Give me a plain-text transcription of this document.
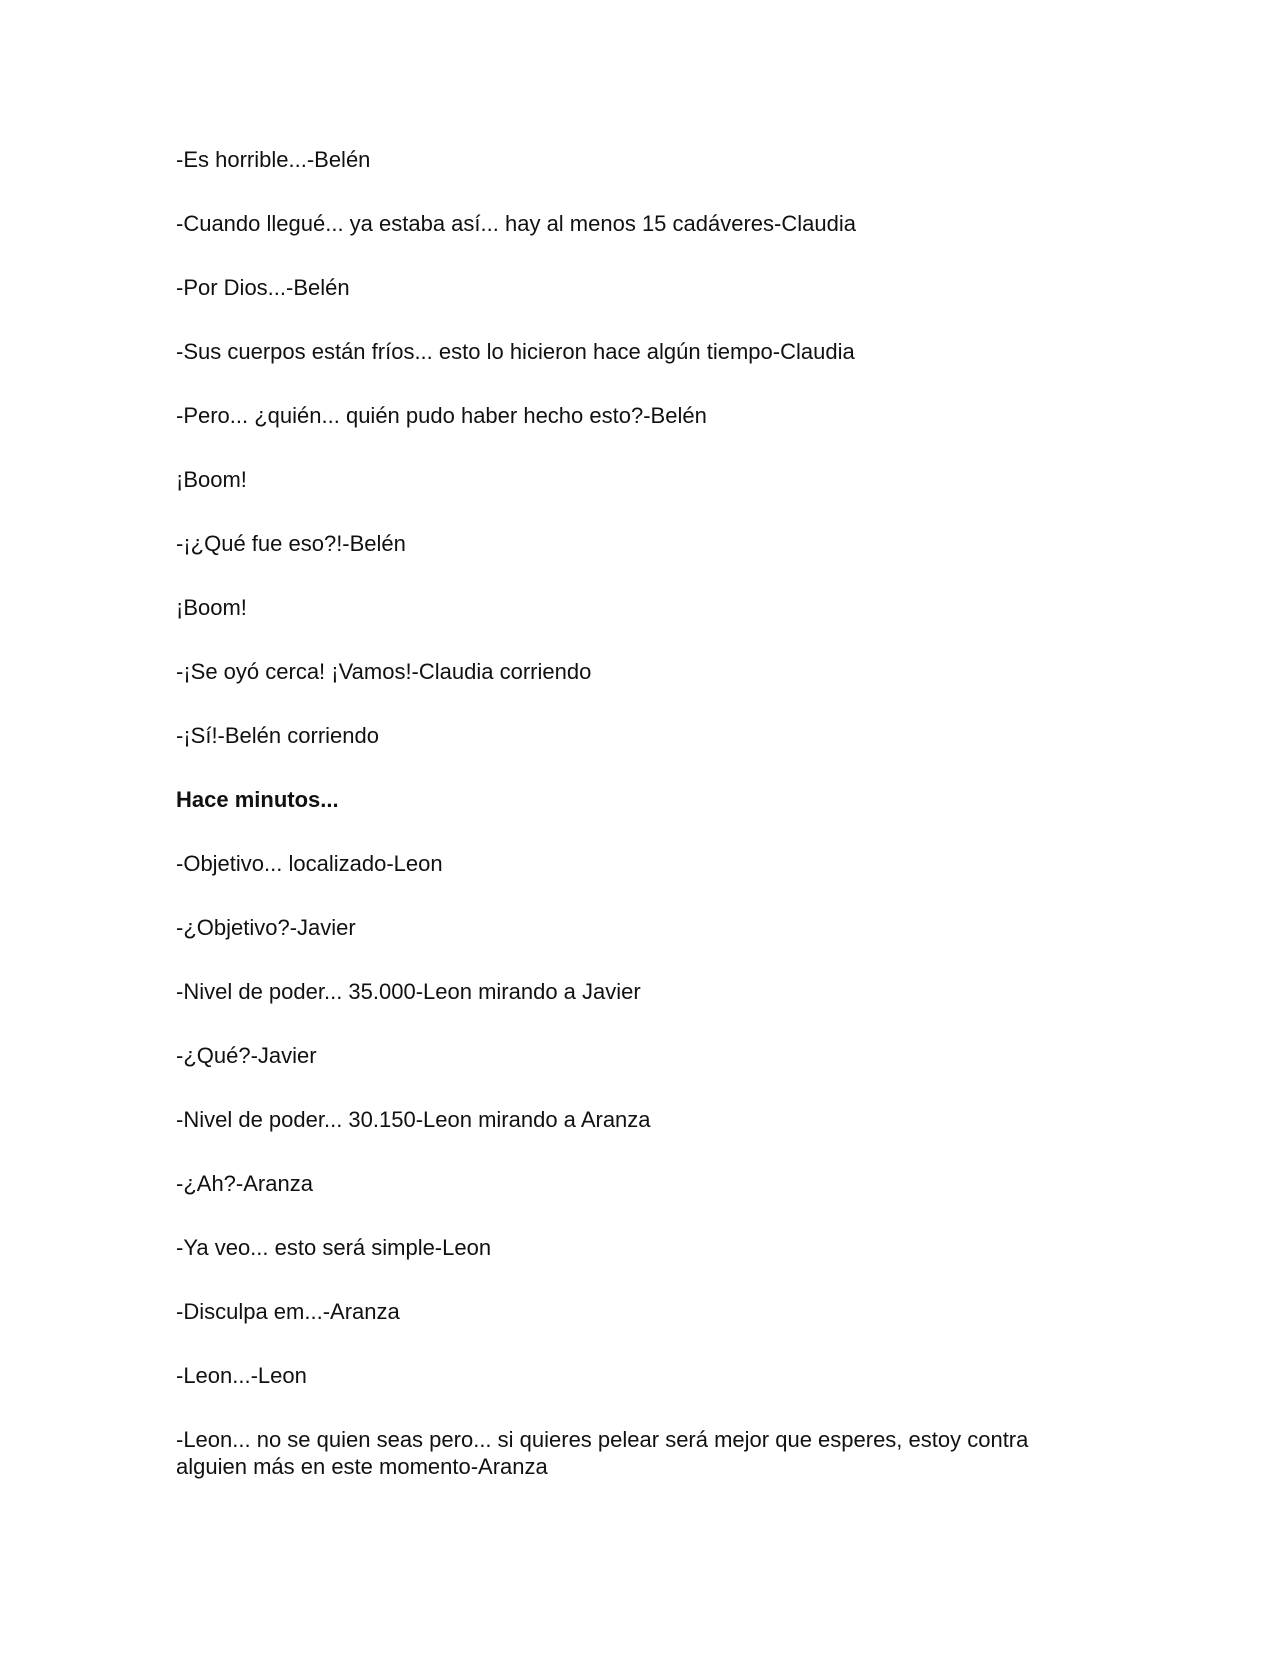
-Es horrible...-Belén

-Cuando llegué... ya estaba así... hay al menos 15 cadáveres-Claudia

-Por Dios...-Belén

-Sus cuerpos están fríos... esto lo hicieron hace algún tiempo-Claudia

-Pero... ¿quién... quién pudo haber hecho esto?-Belén

¡Boom!

-¡¿Qué fue eso?!-Belén

¡Boom!

-¡Se oyó cerca! ¡Vamos!-Claudia corriendo

-¡Sí!-Belén corriendo

Hace minutos...

-Objetivo... localizado-Leon

-¿Objetivo?-Javier

-Nivel de poder... 35.000-Leon mirando a Javier

-¿Qué?-Javier

-Nivel de poder... 30.150-Leon mirando a Aranza

-¿Ah?-Aranza

-Ya veo... esto será simple-Leon

-Disculpa em...-Aranza

-Leon...-Leon

-Leon... no se quien seas pero... si quieres pelear será mejor que esperes, estoy contra alguien más en este momento-Aranza
